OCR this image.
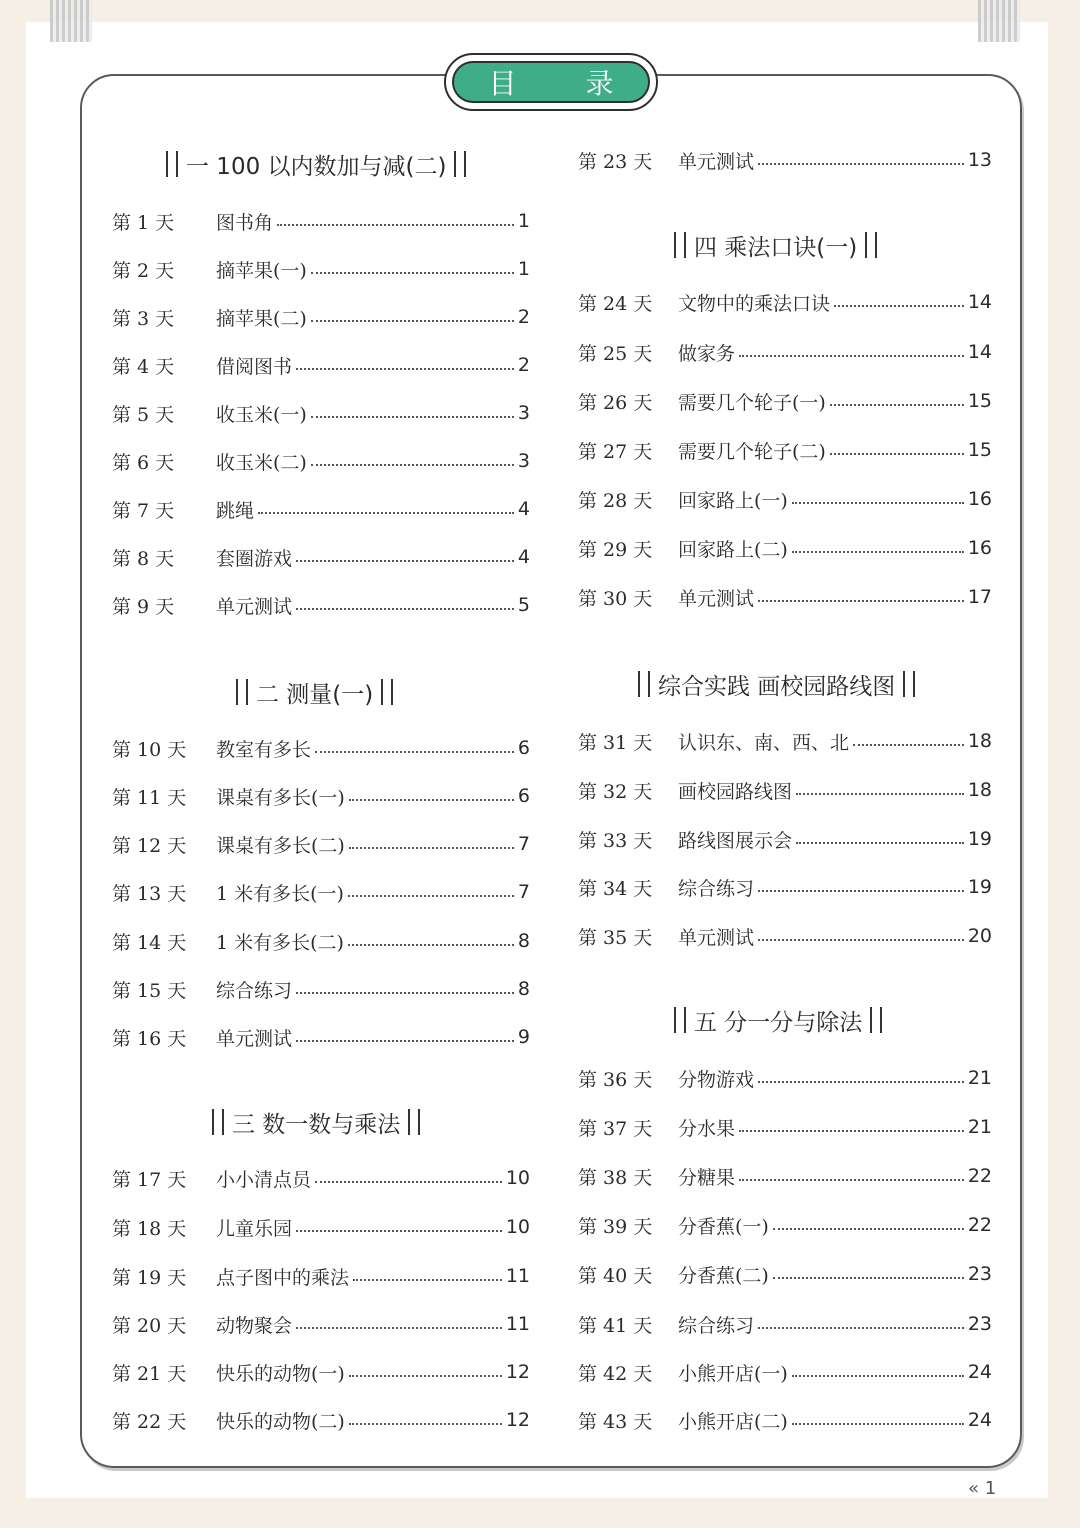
目 录
一 100 以内数加与减(二)
第 1 天	图书角	1
第 2 天	摘苹果(一)	1
第 3 天	摘苹果(二)	2
第 4 天	借阅图书	2
第 5 天	收玉米(一)	3
第 6 天	收玉米(二)	3
第 7 天	跳绳	4
第 8 天	套圈游戏	4
第 9 天	单元测试	5
二 测量(一)
第 10 天	教室有多长	6
第 11 天	课桌有多长(一)	6
第 12 天	课桌有多长(二)	7
第 13 天	1 米有多长(一)	7
第 14 天	1 米有多长(二)	8
第 15 天	综合练习	8
第 16 天	单元测试	9
三 数一数与乘法
第 17 天	小小清点员	10
第 18 天	儿童乐园	10
第 19 天	点子图中的乘法	11
第 20 天	动物聚会	11
第 21 天	快乐的动物(一)	12
第 22 天	快乐的动物(二)	12
第 23 天	单元测试	13
四 乘法口诀(一)
第 24 天	文物中的乘法口诀	14
第 25 天	做家务	14
第 26 天	需要几个轮子(一)	15
第 27 天	需要几个轮子(二)	15
第 28 天	回家路上(一)	16
第 29 天	回家路上(二)	16
第 30 天	单元测试	17
综合实践 画校园路线图
第 31 天	认识东、南、西、北	18
第 32 天	画校园路线图	18
第 33 天	路线图展示会	19
第 34 天	综合练习	19
第 35 天	单元测试	20
五 分一分与除法
第 36 天	分物游戏	21
第 37 天	分水果	21
第 38 天	分糖果	22
第 39 天	分香蕉(一)	22
第 40 天	分香蕉(二)	23
第 41 天	综合练习	23
第 42 天	小熊开店(一)	24
第 43 天	小熊开店(二)	24
« 1
